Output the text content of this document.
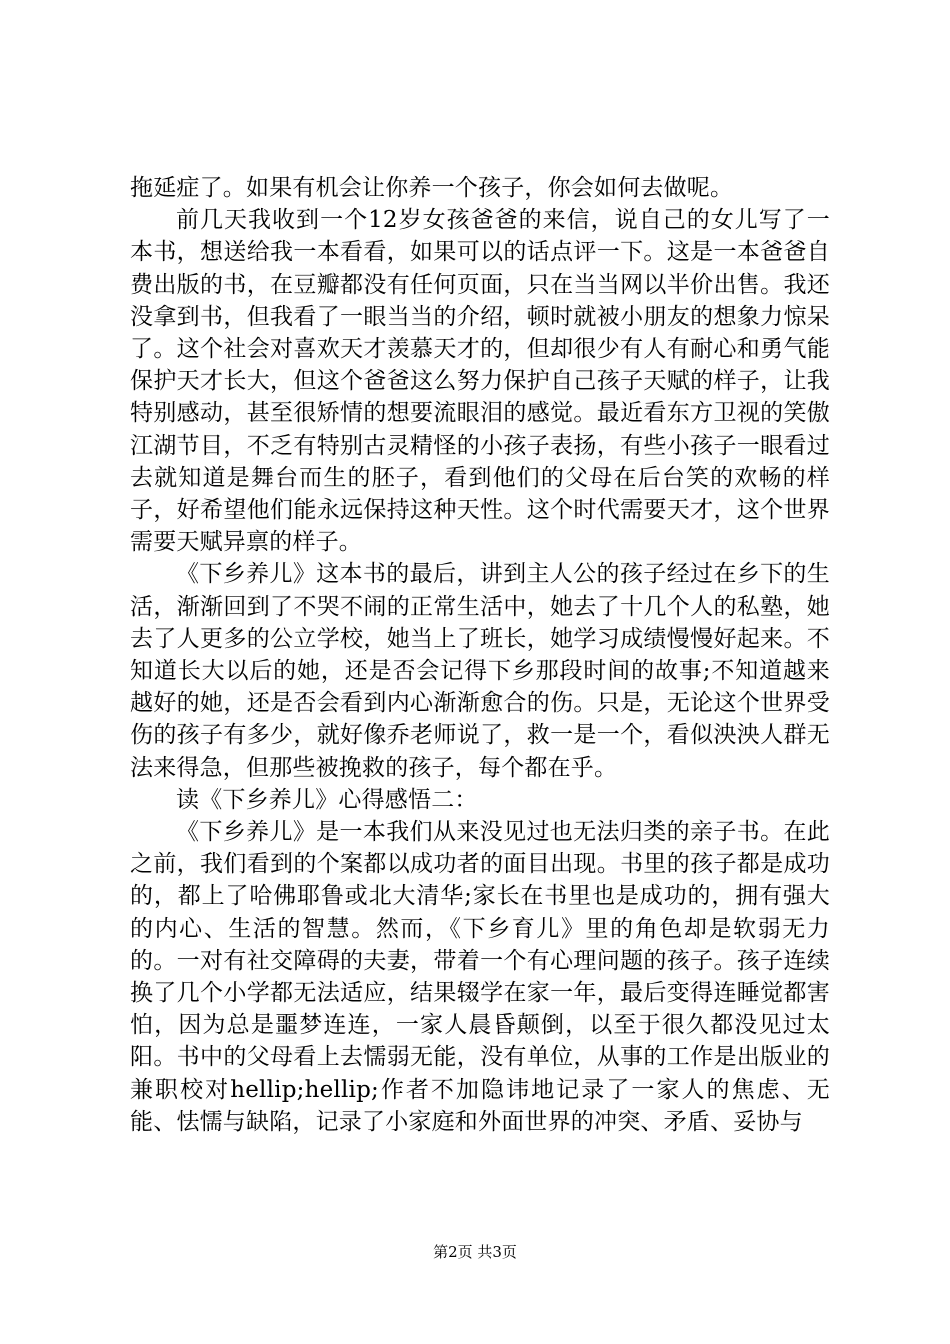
拖延症了。如果有机会让你养一个孩子，你会如何去做呢。

前几天我收到一个12岁女孩爸爸的来信，说自己的女儿写了一本书，想送给我一本看看，如果可以的话点评一下。这是一本爸爸自费出版的书，在豆瓣都没有任何页面，只在当当网以半价出售。我还没拿到书，但我看了一眼当当的介绍，顿时就被小朋友的想象力惊呆了。这个社会对喜欢天才羡慕天才的，但却很少有人有耐心和勇气能保护天才长大，但这个爸爸这么努力保护自己孩子天赋的样子，让我特别感动，甚至很矫情的想要流眼泪的感觉。最近看东方卫视的笑傲江湖节目，不乏有特别古灵精怪的小孩子表扬，有些小孩子一眼看过去就知道是舞台而生的胚子，看到他们的父母在后台笑的欢畅的样子，好希望他们能永远保持这种天性。这个时代需要天才，这个世界需要天赋异禀的样子。

《下乡养儿》这本书的最后，讲到主人公的孩子经过在乡下的生活，渐渐回到了不哭不闹的正常生活中，她去了十几个人的私塾，她去了人更多的公立学校，她当上了班长，她学习成绩慢慢好起来。不知道长大以后的她，还是否会记得下乡那段时间的故事;不知道越来越好的她，还是否会看到内心渐渐愈合的伤。只是，无论这个世界受伤的孩子有多少，就好像乔老师说了，救一是一个，看似泱泱人群无法来得急，但那些被挽救的孩子，每个都在乎。

读《下乡养儿》心得感悟二：

《下乡养儿》是一本我们从来没见过也无法归类的亲子书。在此之前，我们看到的个案都以成功者的面目出现。书里的孩子都是成功的，都上了哈佛耶鲁或北大清华;家长在书里也是成功的，拥有强大的内心、生活的智慧。然而，《下乡育儿》里的角色却是软弱无力的。一对有社交障碍的夫妻，带着一个有心理问题的孩子。孩子连续换了几个小学都无法适应，结果辍学在家一年，最后变得连睡觉都害怕，因为总是噩梦连连，一家人晨昏颠倒，以至于很久都没见过太阳。书中的父母看上去懦弱无能，没有单位，从事的工作是出版业的兼职校对hellip;hellip;作者不加隐讳地记录了一家人的焦虑、无能、怯懦与缺陷，记录了小家庭和外面世界的冲突、矛盾、妥协与

第2页 共3页
